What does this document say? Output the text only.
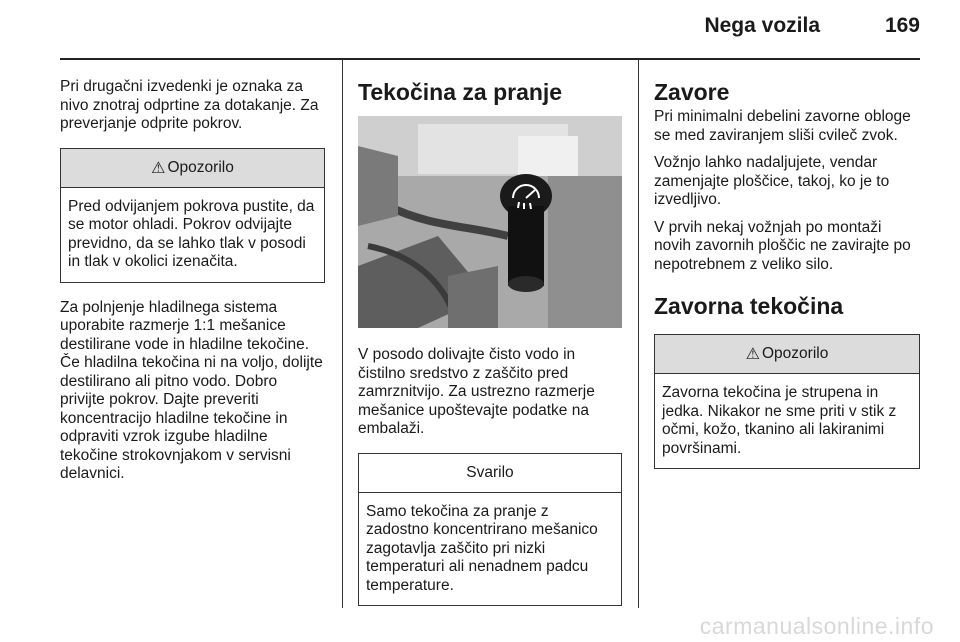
Nega vozila	169

Pri drugačni izvedenki je oznaka za nivo znotraj odprtine za dotakanje. Za preverjanje odprite pokrov.

⚠ Opozorilo
Pred odvijanjem pokrova pustite, da se motor ohladi. Pokrov odvijajte previdno, da se lahko tlak v posodi in tlak v okolici izenačita.

Za polnjenje hladilnega sistema uporabite razmerje 1:1 mešanice destilirane vode in hladilne tekočine. Če hladilna tekočina ni na voljo, dolijte destilirano ali pitno vodo. Dobro privijte pokrov. Dajte preveriti koncentracijo hladilne tekočine in odpraviti vzrok izgube hladilne tekočine strokovnjakom v servisni delavnici.

Tekočina za pranje

V posodo dolivajte čisto vodo in čistilno sredstvo z zaščito pred zamrznitvijo. Za ustrezno razmerje mešanice upoštevajte podatke na embalaži.

Svarilo
Samo tekočina za pranje z zadostno koncentrirano mešanico zagotavlja zaščito pri nizki temperaturi ali nenadnem padcu temperature.
Zavore

Pri minimalni debelini zavorne obloge se med zaviranjem sliši cvileč zvok.

Vožnjo lahko nadaljujete, vendar zamenjajte ploščice, takoj, ko je to izvedljivo.

V prvih nekaj vožnjah po montaži novih zavornih ploščic ne zavirajte po nepotrebnem z veliko silo.

Zavorna tekočina
⚠ Opozorilo
Zavorna tekočina je strupena in jedka. Nikakor ne sme priti v stik z očmi, kožo, tkanino ali lakiranimi površinami.
carmanualsonline.info
